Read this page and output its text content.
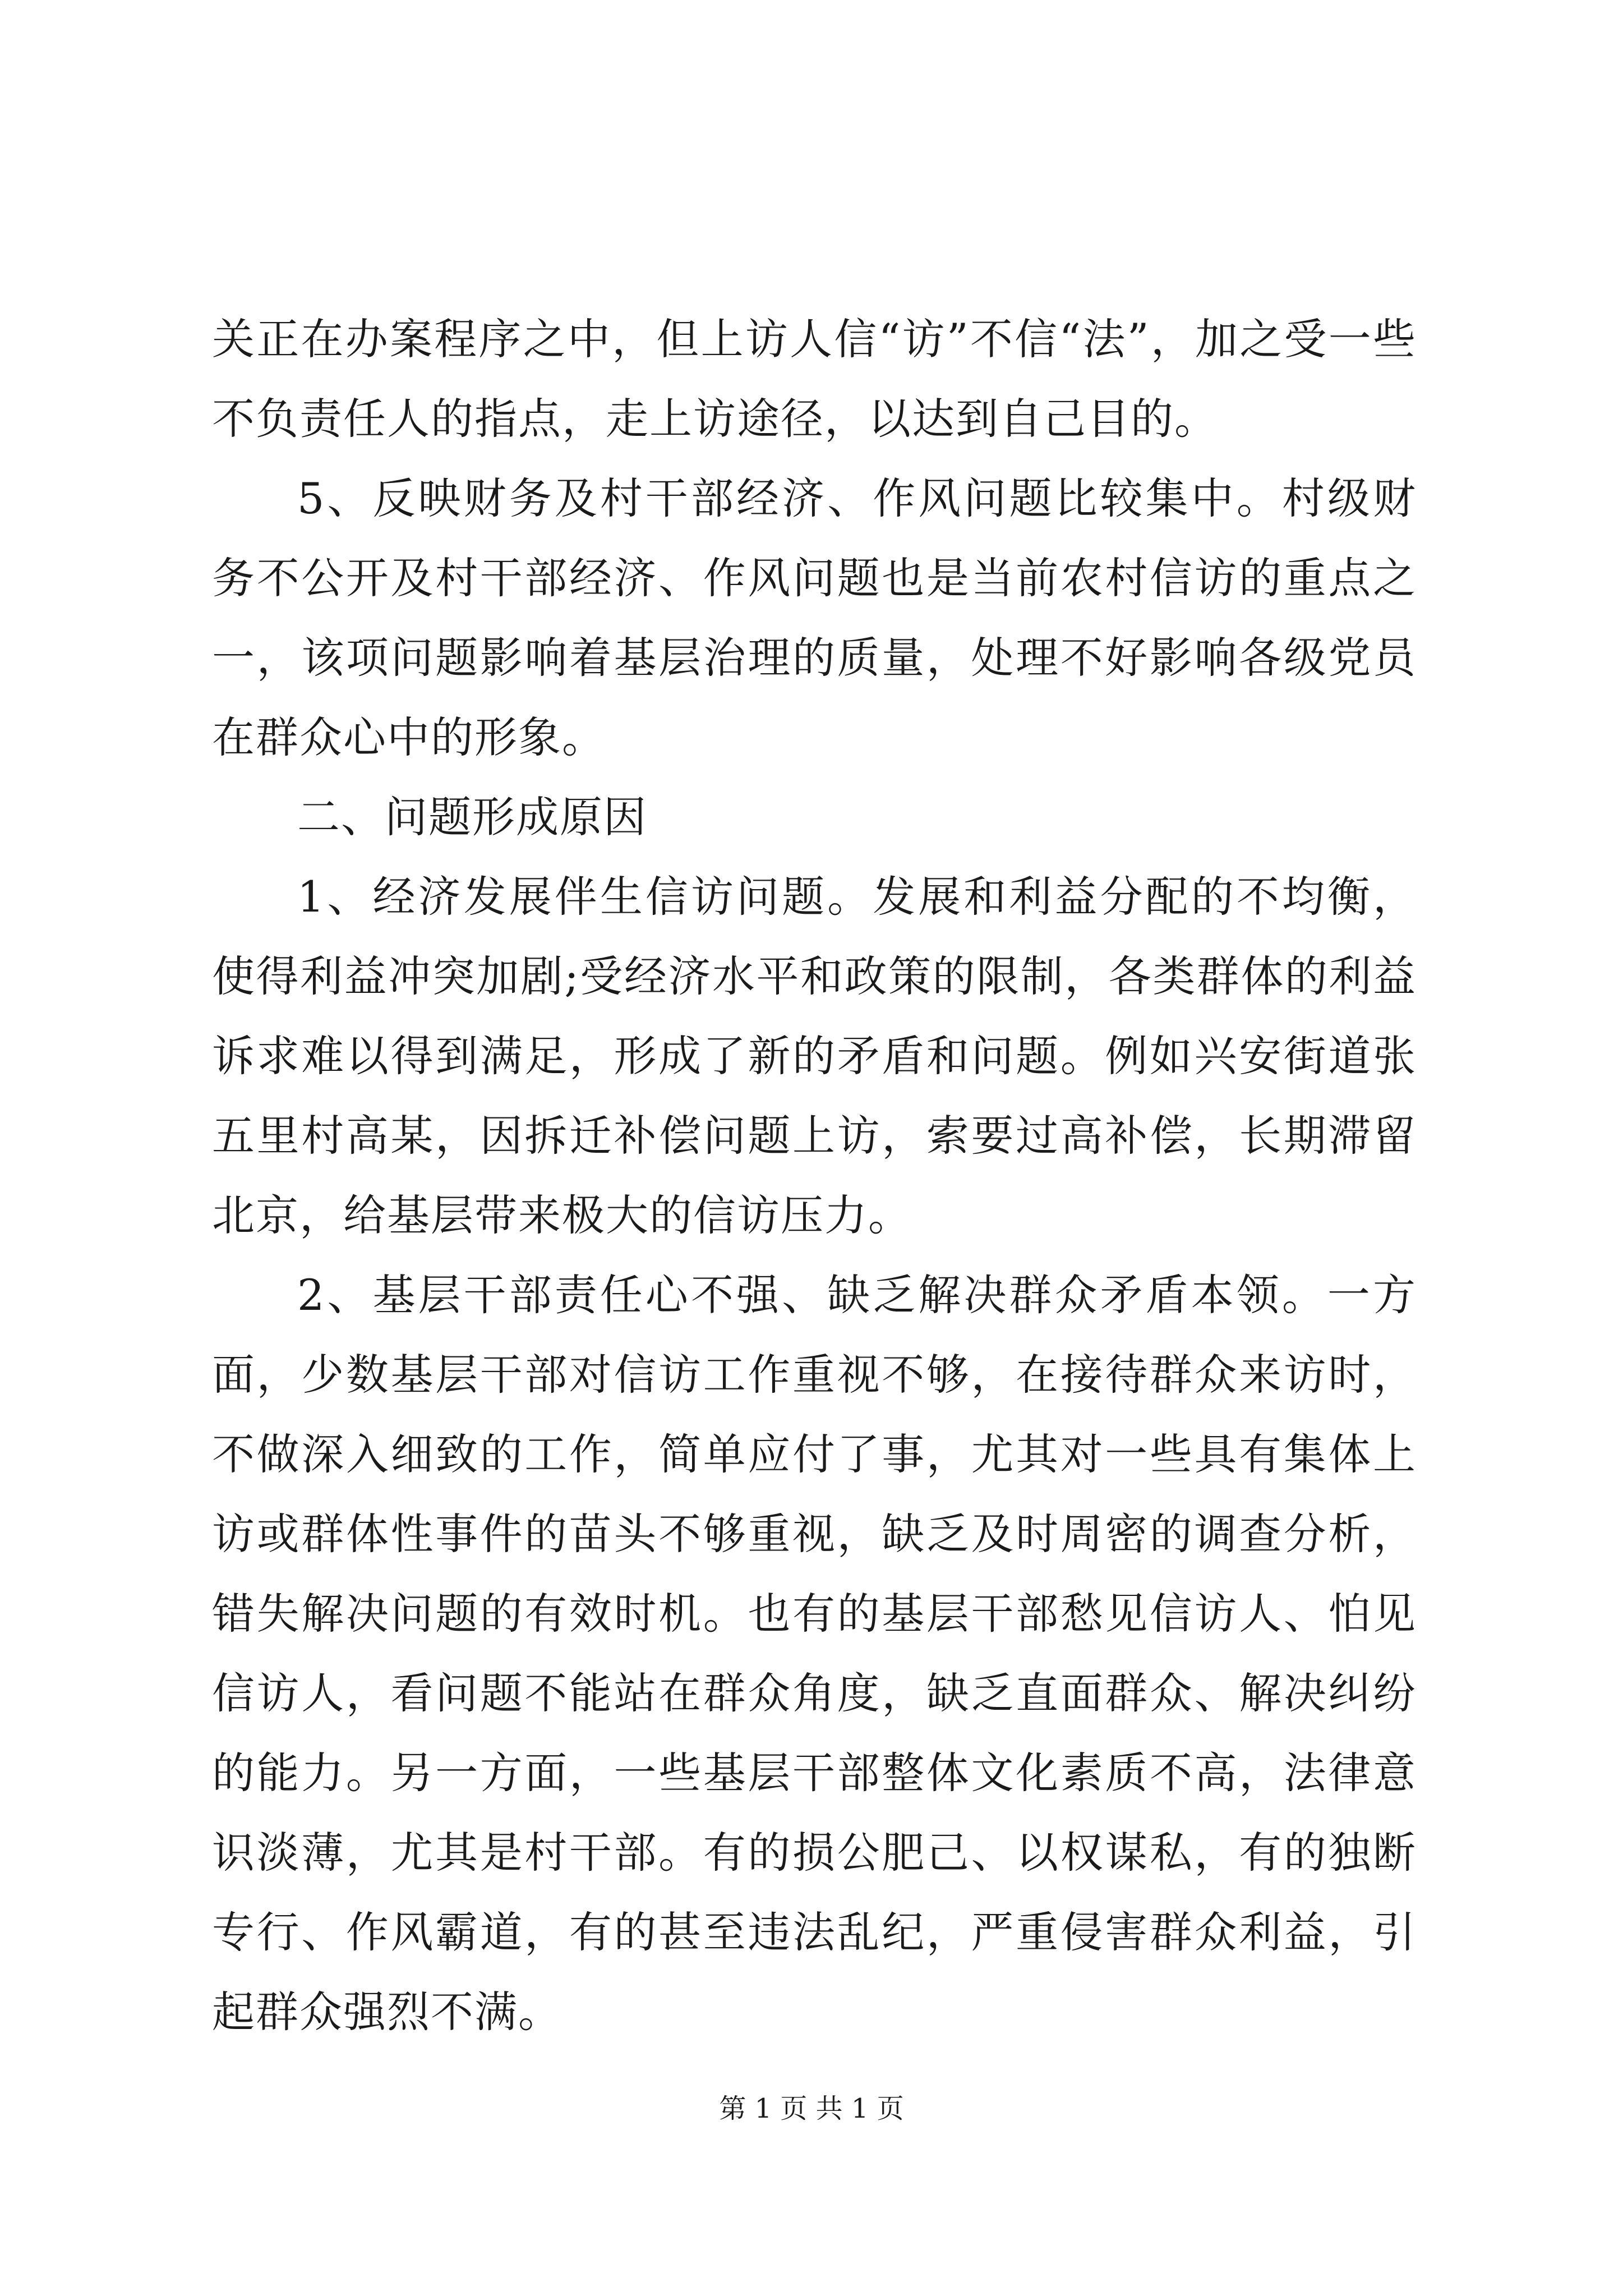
关正在办案程序之中，但上访人信“访”不信“法”，加之受一些不负责任人的指点，走上访途径，以达到自己目的。

5、反映财务及村干部经济、作风问题比较集中。村级财务不公开及村干部经济、作风问题也是当前农村信访的重点之一，该项问题影响着基层治理的质量，处理不好影响各级党员在群众心中的形象。

二、问题形成原因

1、经济发展伴生信访问题。发展和利益分配的不均衡，使得利益冲突加剧;受经济水平和政策的限制，各类群体的利益诉求难以得到满足，形成了新的矛盾和问题。例如兴安街道张五里村高某，因拆迁补偿问题上访，索要过高补偿，长期滞留北京，给基层带来极大的信访压力。

2、基层干部责任心不强、缺乏解决群众矛盾本领。一方面，少数基层干部对信访工作重视不够，在接待群众来访时，不做深入细致的工作，简单应付了事，尤其对一些具有集体上访或群体性事件的苗头不够重视，缺乏及时周密的调查分析，错失解决问题的有效时机。也有的基层干部愁见信访人、怕见信访人，看问题不能站在群众角度，缺乏直面群众、解决纠纷的能力。另一方面，一些基层干部整体文化素质不高，法律意识淡薄，尤其是村干部。有的损公肥己、以权谋私，有的独断专行、作风霸道，有的甚至违法乱纪，严重侵害群众利益，引起群众强烈不满。

第 1 页 共 1 页
